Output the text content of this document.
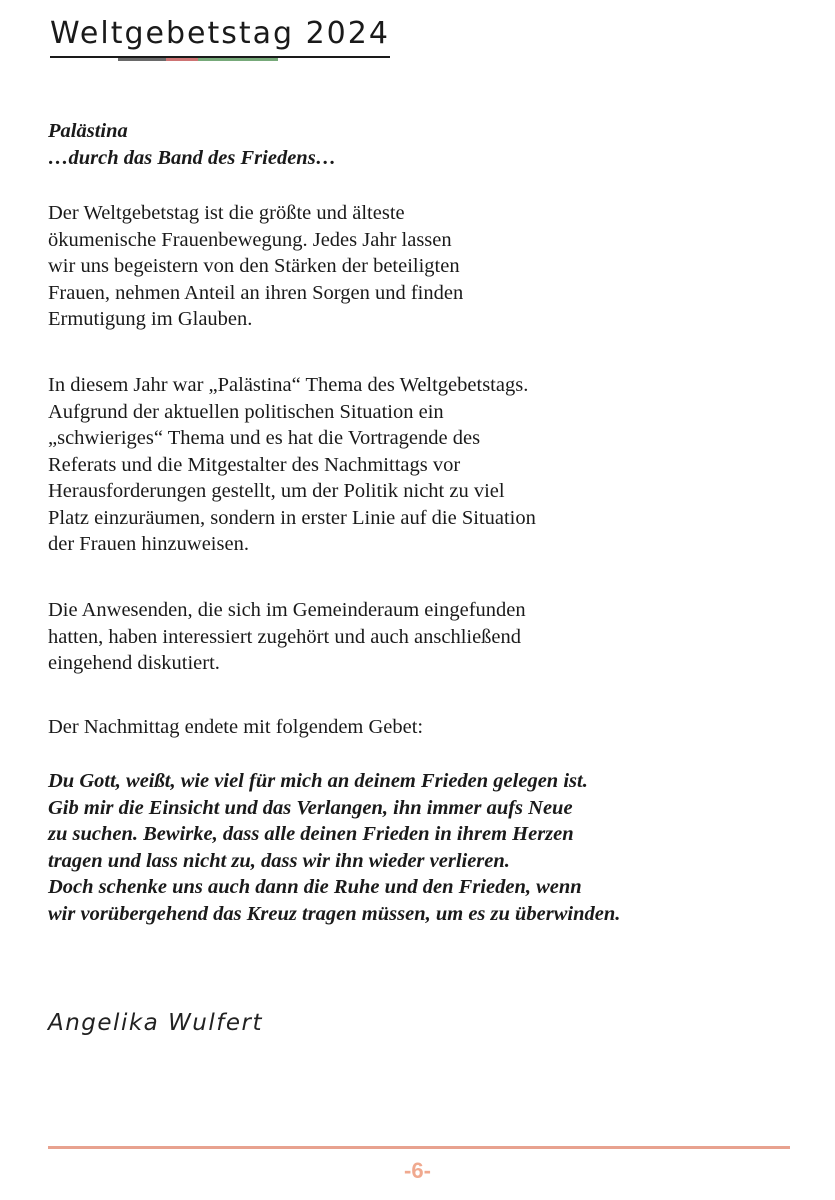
Weltgebetstag 2024
Palästina
…durch das Band des Friedens…
Der Weltgebetstag ist die größte und älteste
ökumenische Frauenbewegung. Jedes Jahr lassen
wir uns begeistern von den Stärken der beteiligten
Frauen, nehmen Anteil an ihren Sorgen und finden
Ermutigung im Glauben.
In diesem Jahr war „Palästina“ Thema des Weltgebetstags.
Aufgrund der aktuellen politischen Situation ein
„schwieriges“ Thema und es hat die Vortragende des
Referats und die Mitgestalter des Nachmittags vor
Herausforderungen gestellt, um der Politik nicht zu viel
Platz einzuräumen, sondern in erster Linie auf die Situation
der Frauen hinzuweisen.
Die Anwesenden, die sich im Gemeinderaum eingefunden
hatten, haben interessiert zugehört und auch anschließend
eingehend diskutiert.
Der Nachmittag endete mit folgendem Gebet:
Du Gott, weißt, wie viel für mich an deinem Frieden gelegen ist.
Gib mir die Einsicht und das Verlangen, ihn immer aufs Neue
zu suchen. Bewirke, dass alle deinen Frieden in ihrem Herzen
tragen und lass nicht zu, dass wir ihn wieder verlieren.
Doch schenke uns auch dann die Ruhe und den Frieden, wenn
wir vorübergehend das Kreuz tragen müssen, um es zu überwinden.
Angelika Wulfert
-6-
